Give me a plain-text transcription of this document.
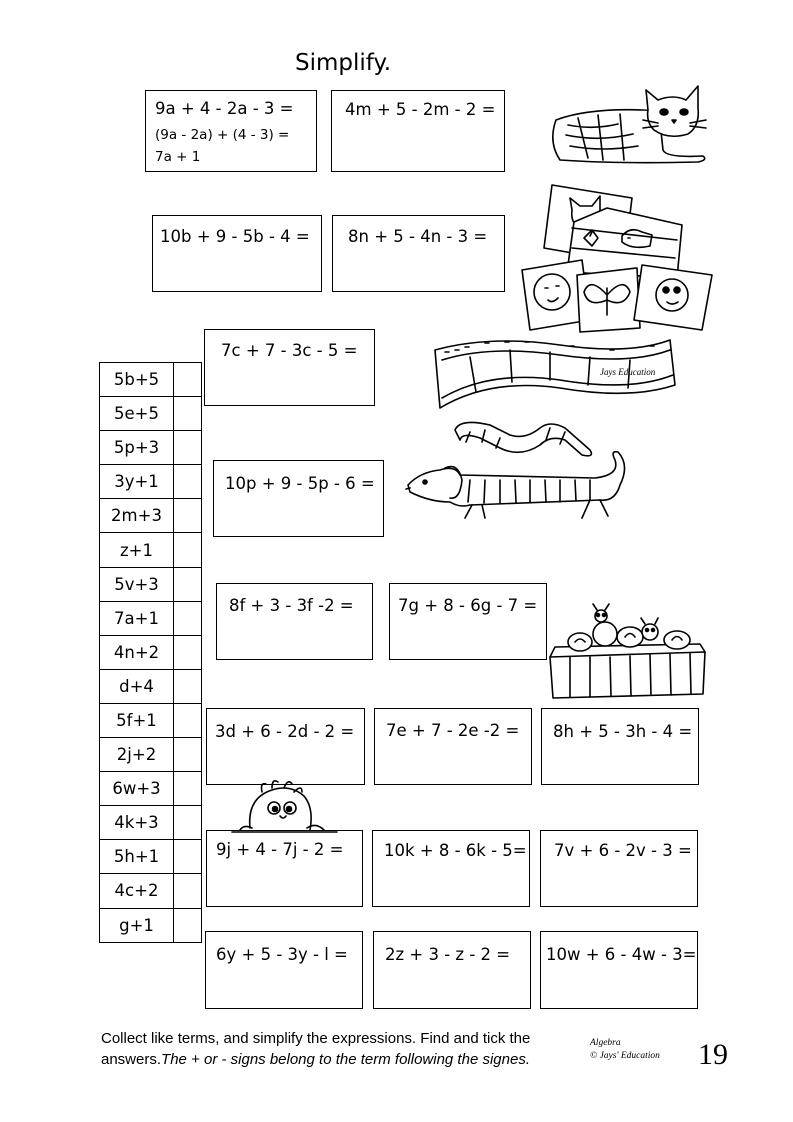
Simplify.
9a + 4 - 2a - 3 =
(9a - 2a) + (4 - 3) =
7a + 1
4m + 5 - 2m - 2 =
10b + 9 - 5b - 4 = 8n + 5 - 4n - 3 =
7c + 7 - 3c - 5 =
10p + 9 - 5p - 6 =
8f + 3 - 3f -2 =	7g + 8 - 6g - 7 =
3d + 6 - 2d - 2 = 7e + 7 - 2e -2 = 8h + 5 - 3h - 4 =
9j + 4 - 7j - 2 = 10k + 8 - 6k - 5= 7v + 6 - 2v - 3 =
6y + 5 - 3y - l = 2z + 3 - z - 2 = 10w + 6 - 4w - 3=
5b+5	
5e+5	
5p+3	
3y+1	
2m+3	
z+1	
5v+3	
7a+1	
4n+2	
d+4	
5f+1	
2j+2	
6w+3	
4k+3	
5h+1	
4c+2	
g+1	
Jays Education
Collect like terms, and simplify the expressions. Find and tick the
answers.The + or - signs belong to the term following the signes.
Algebra
© Jays' Education 19
